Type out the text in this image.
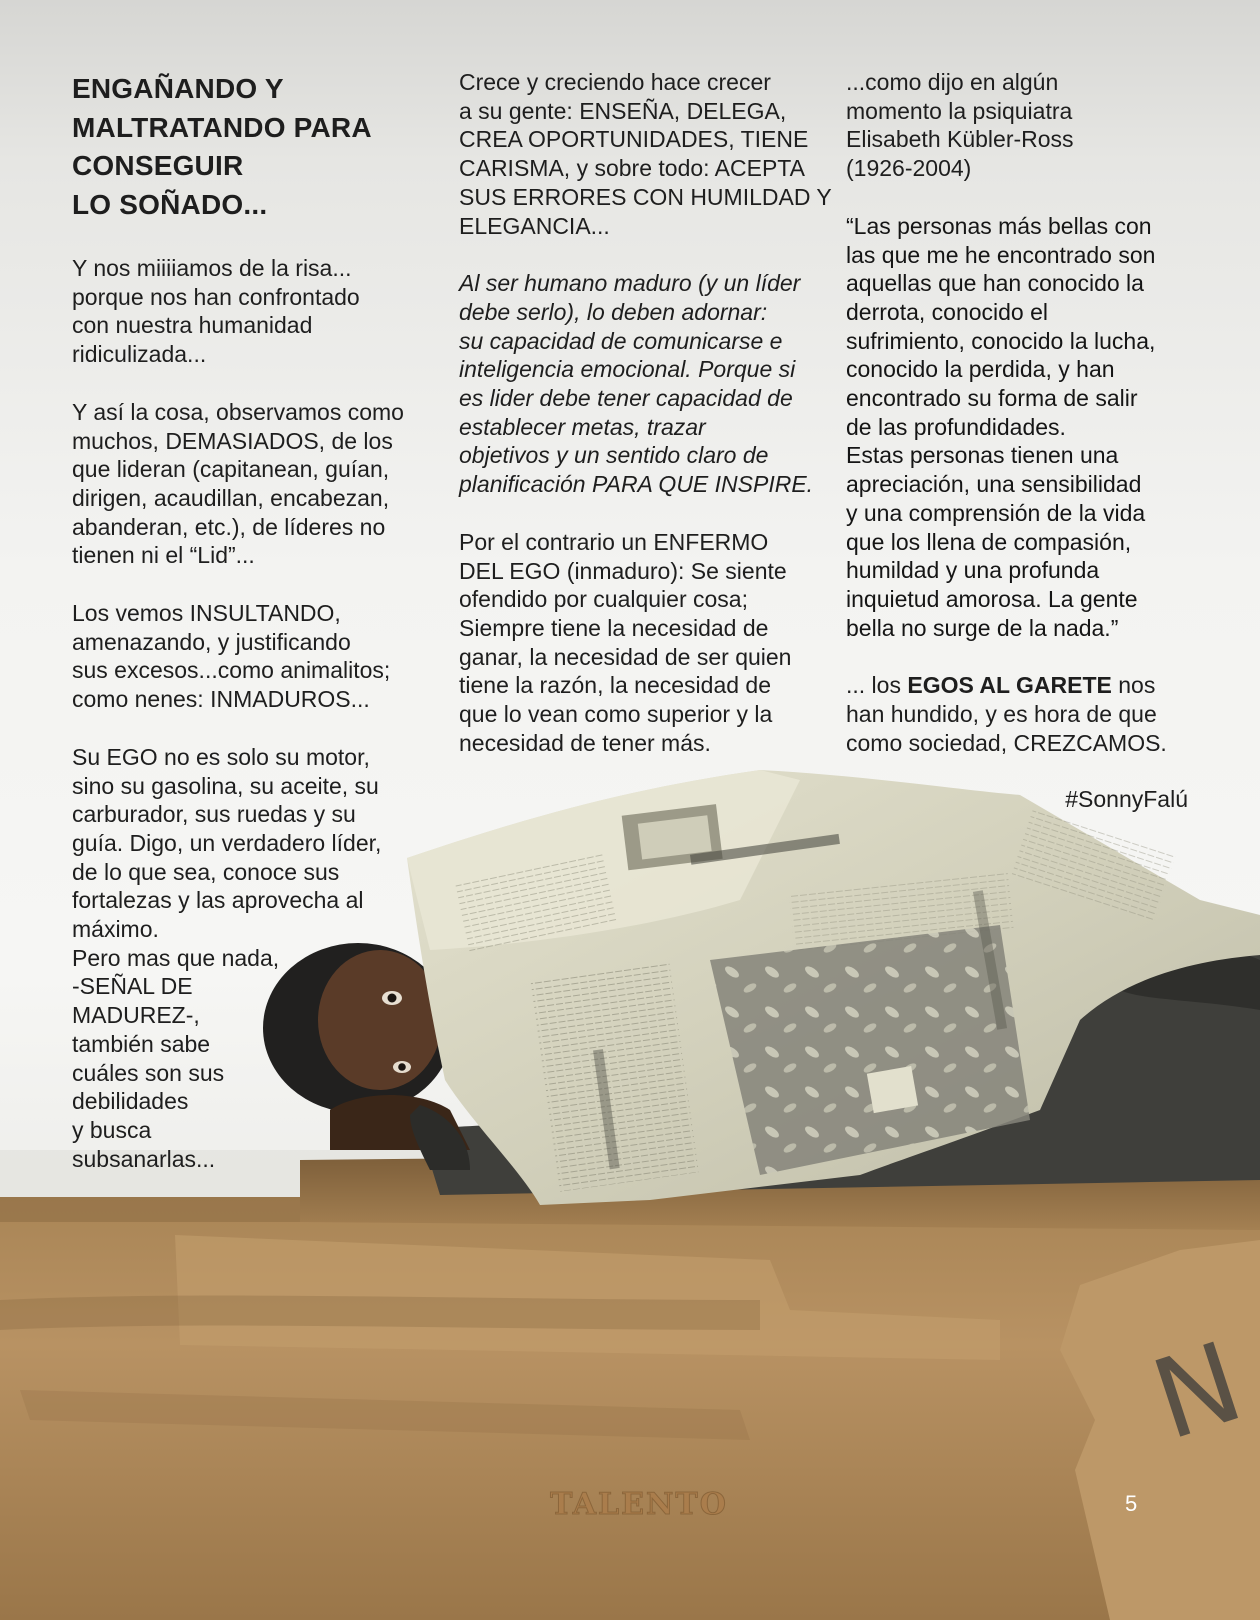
N
ENGAÑANDO Y
MALTRATANDO PARA
CONSEGUIR
LO SOÑADO...

Y nos miiiiamos de la risa...
porque nos han confrontado
con nuestra humanidad
ridiculizada...

Y así la cosa, observamos como
muchos, DEMASIADOS, de los
que lideran (capitanean, guían,
dirigen, acaudillan, encabezan,
abanderan, etc.), de líderes no
tienen ni el “Lid”...

Los vemos INSULTANDO,
amenazando, y justificando
sus excesos...como animalitos;
como nenes: INMADUROS...

Su EGO no es solo su motor,
sino su gasolina, su aceite, su
carburador, sus ruedas y su
guía. Digo, un verdadero líder,
de lo que sea, conoce sus
fortalezas y las aprovecha al
máximo.
Pero mas que nada,
-SEÑAL DE
MADUREZ-,
también sabe
cuáles son sus
debilidades
y busca
subsanarlas...

Crece y creciendo hace crecer
a su gente: ENSEÑA, DELEGA,
CREA OPORTUNIDADES, TIENE
CARISMA, y sobre todo: ACEPTA
SUS ERRORES CON HUMILDAD Y
ELEGANCIA...

Al ser humano maduro (y un líder
debe serlo), lo deben adornar:
su capacidad de comunicarse e
inteligencia emocional. Porque si
es lider debe tener capacidad de
establecer metas, trazar
objetivos y un sentido claro de
planificación PARA QUE INSPIRE.

Por el contrario un ENFERMO
DEL EGO (inmaduro): Se siente
ofendido por cualquier cosa;
Siempre tiene la necesidad de
ganar, la necesidad de ser quien
tiene la razón, la necesidad de
que lo vean como superior y la
necesidad de tener más.

...como dijo en algún
momento la psiquiatra
Elisabeth Kübler-Ross
(1926-2004)

“Las personas más bellas con
las que me he encontrado son
aquellas que han conocido la
derrota, conocido el
sufrimiento, conocido la lucha,
conocido la perdida, y han
encontrado su forma de salir
de las profundidades.
Estas personas tienen una
apreciación, una sensibilidad
y una comprensión de la vida
que los llena de compasión,
humildad y una profunda
inquietud amorosa. La gente
bella no surge de la nada.”

... los EGOS AL GARETE nos
han hundido, y es hora de que
como sociedad, CREZCAMOS.

#SonnyFalú
TALENTO	5
